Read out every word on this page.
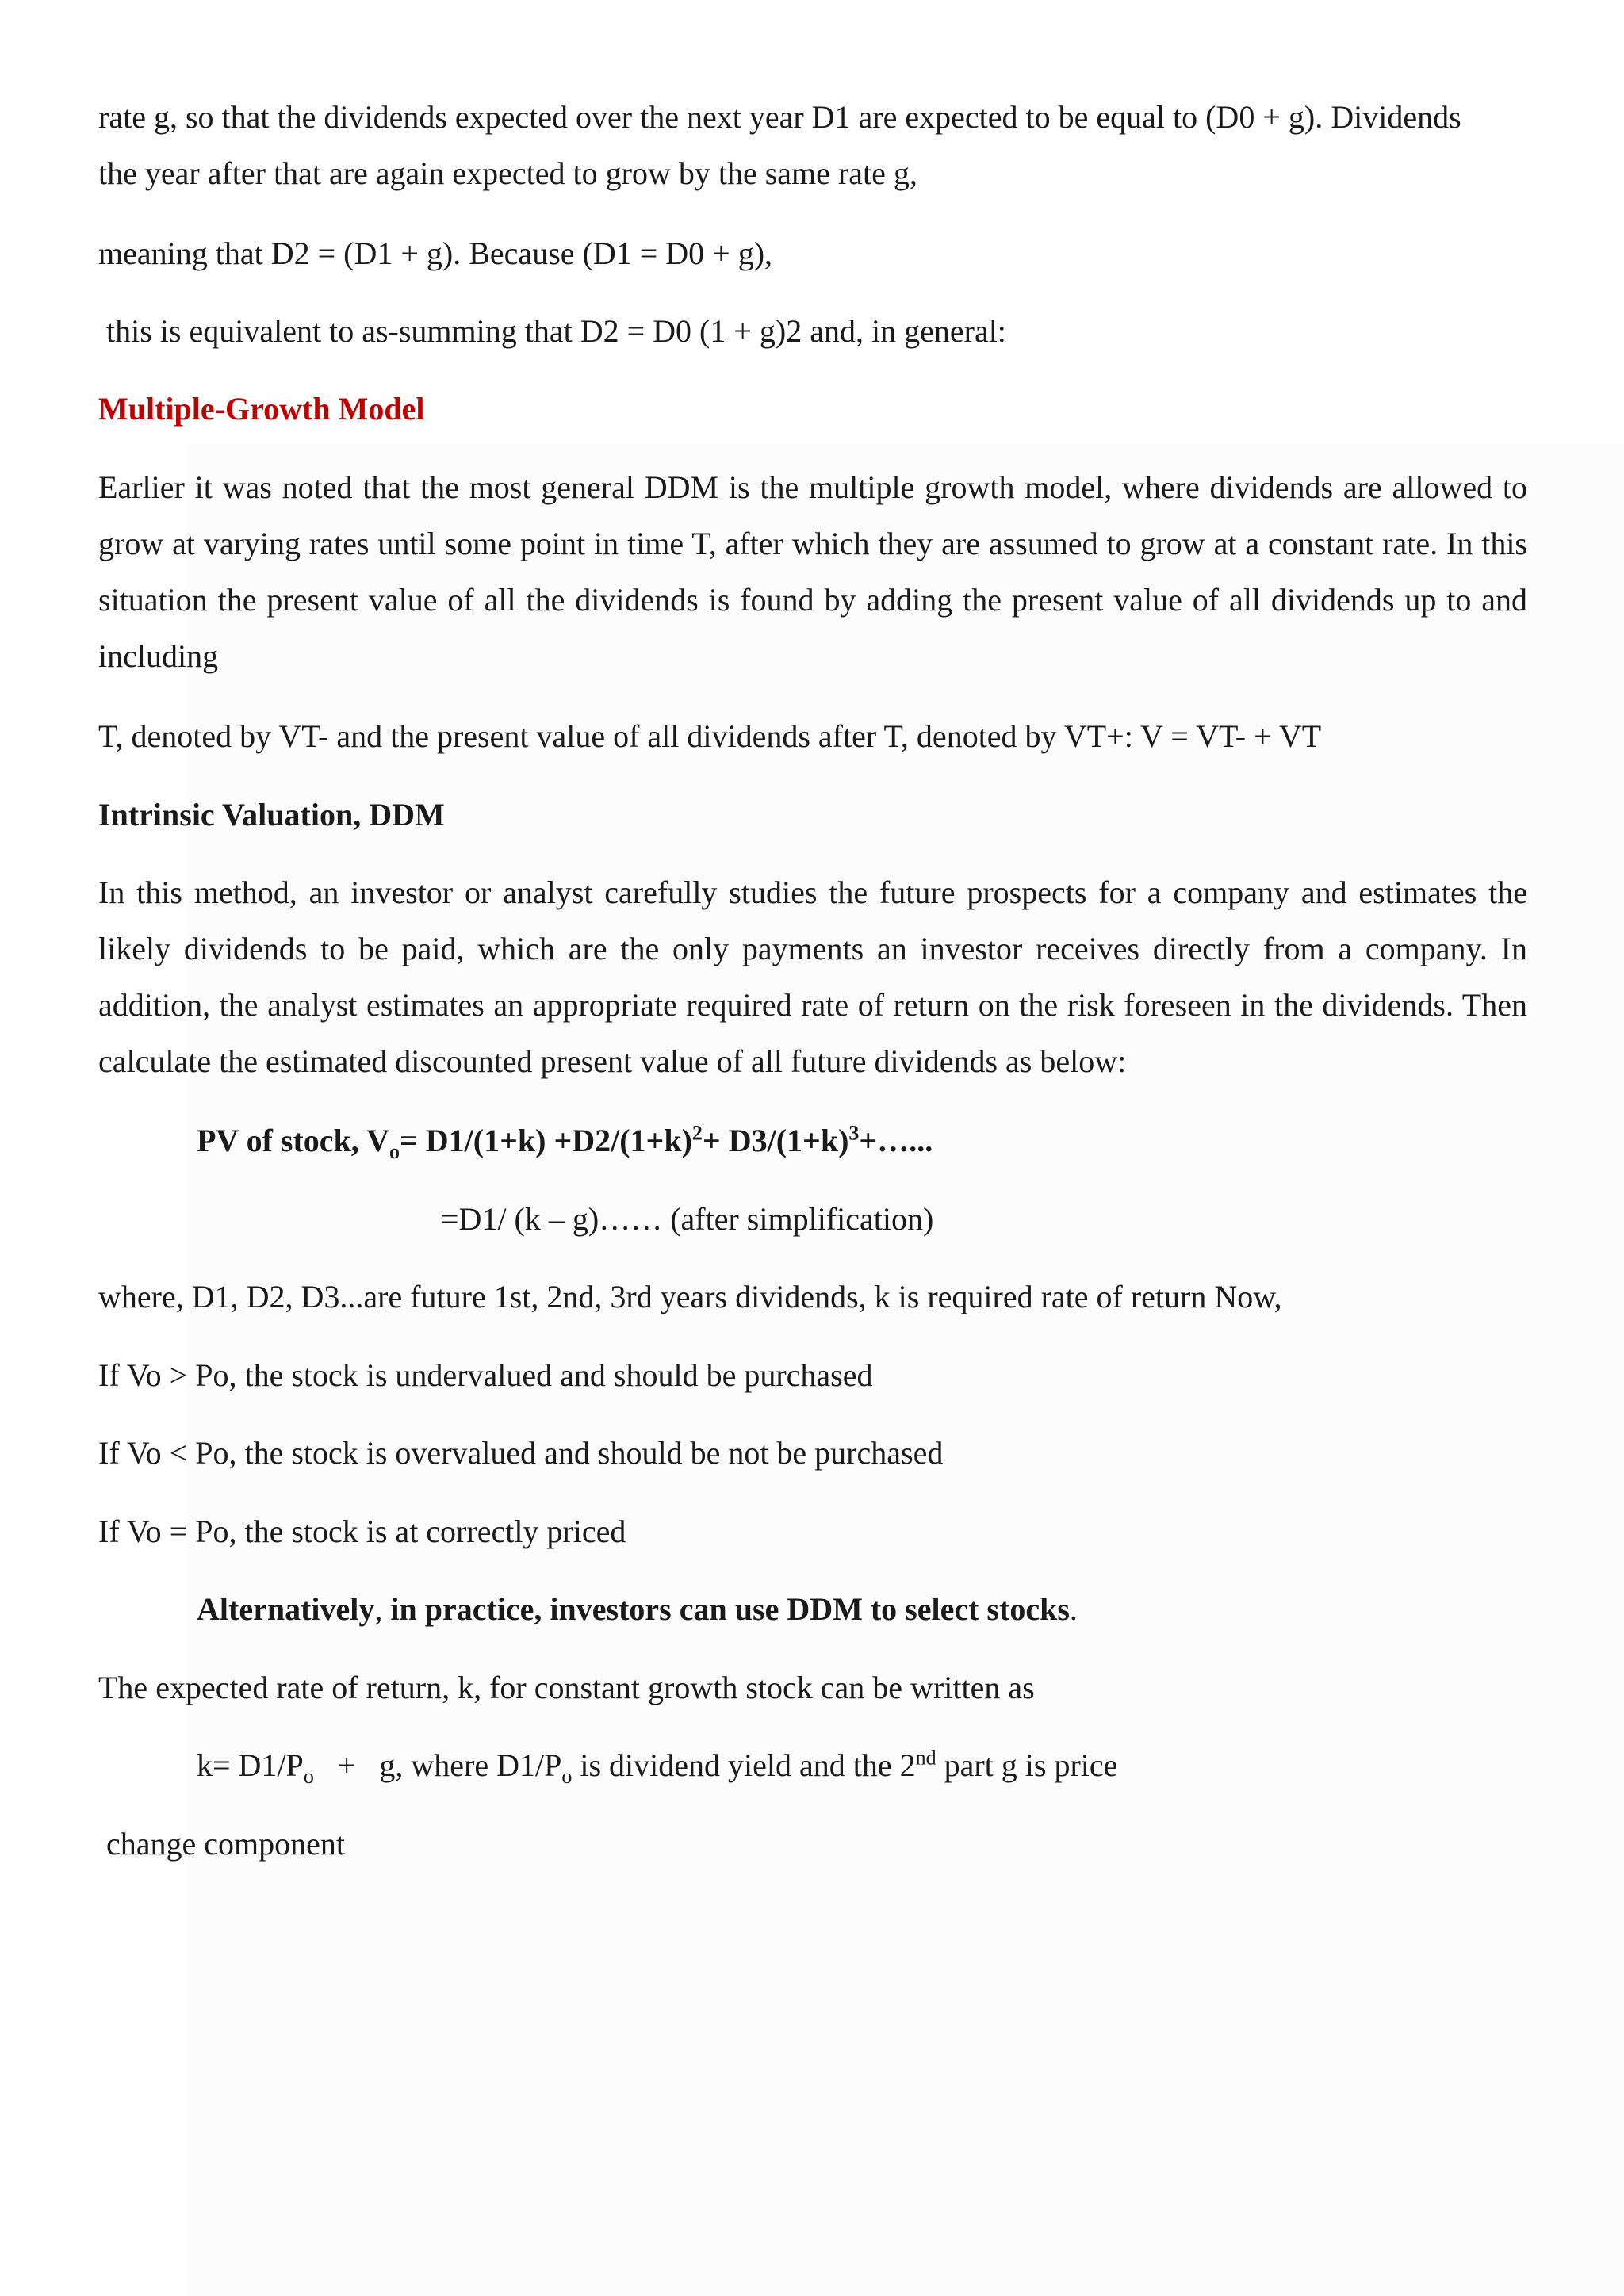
rate g, so that the dividends expected over the next year D1 are expected to be equal to (D0 + g). Dividends
the year after that are again expected to grow by the same rate g,

meaning that D2 = (D1 + g). Because (D1 = D0 + g),

this is equivalent to as-summing that D2 = D0 (1 + g)2 and, in general:

Multiple-Growth Model

Earlier it was noted that the most general DDM is the multiple growth model, where dividends are allowed to grow at varying rates until some point in time T, after which they are assumed to grow at a constant rate. In this situation the present value of all the dividends is found by adding the present value of all dividends up to and including

T, denoted by VT- and the present value of all dividends after T, denoted by VT+: V = VT- + VT

Intrinsic Valuation, DDM

In this method, an investor or analyst carefully studies the future prospects for a company and estimates the likely dividends to be paid, which are the only payments an investor receives directly from a company. In addition, the analyst estimates an appropriate required rate of return on the risk foreseen in the dividends. Then calculate the estimated discounted present value of all future dividends as below:

PV of stock, $V_o= D1/(1+k) +D2/(1+k)^2+$ $D3/(1+k)^3+\dots$...

=D1/ (k – g)…… (after simplification)

where, D1, D2, D3...are future 1st, 2nd, 3rd years dividends, k is required rate of return Now,

If Vo > Po, the stock is undervalued and should be purchased

If Vo < Po, the stock is overvalued and should be not be purchased

If Vo = Po, the stock is at correctly priced

Alternatively, in practice, investors can use DDM to select stocks.

The expected rate of return, k, for constant growth stock can be written as

$k= D1/P_o + g$, where $D1/P_o$ is dividend yield and the 2nd part g is price

change component
